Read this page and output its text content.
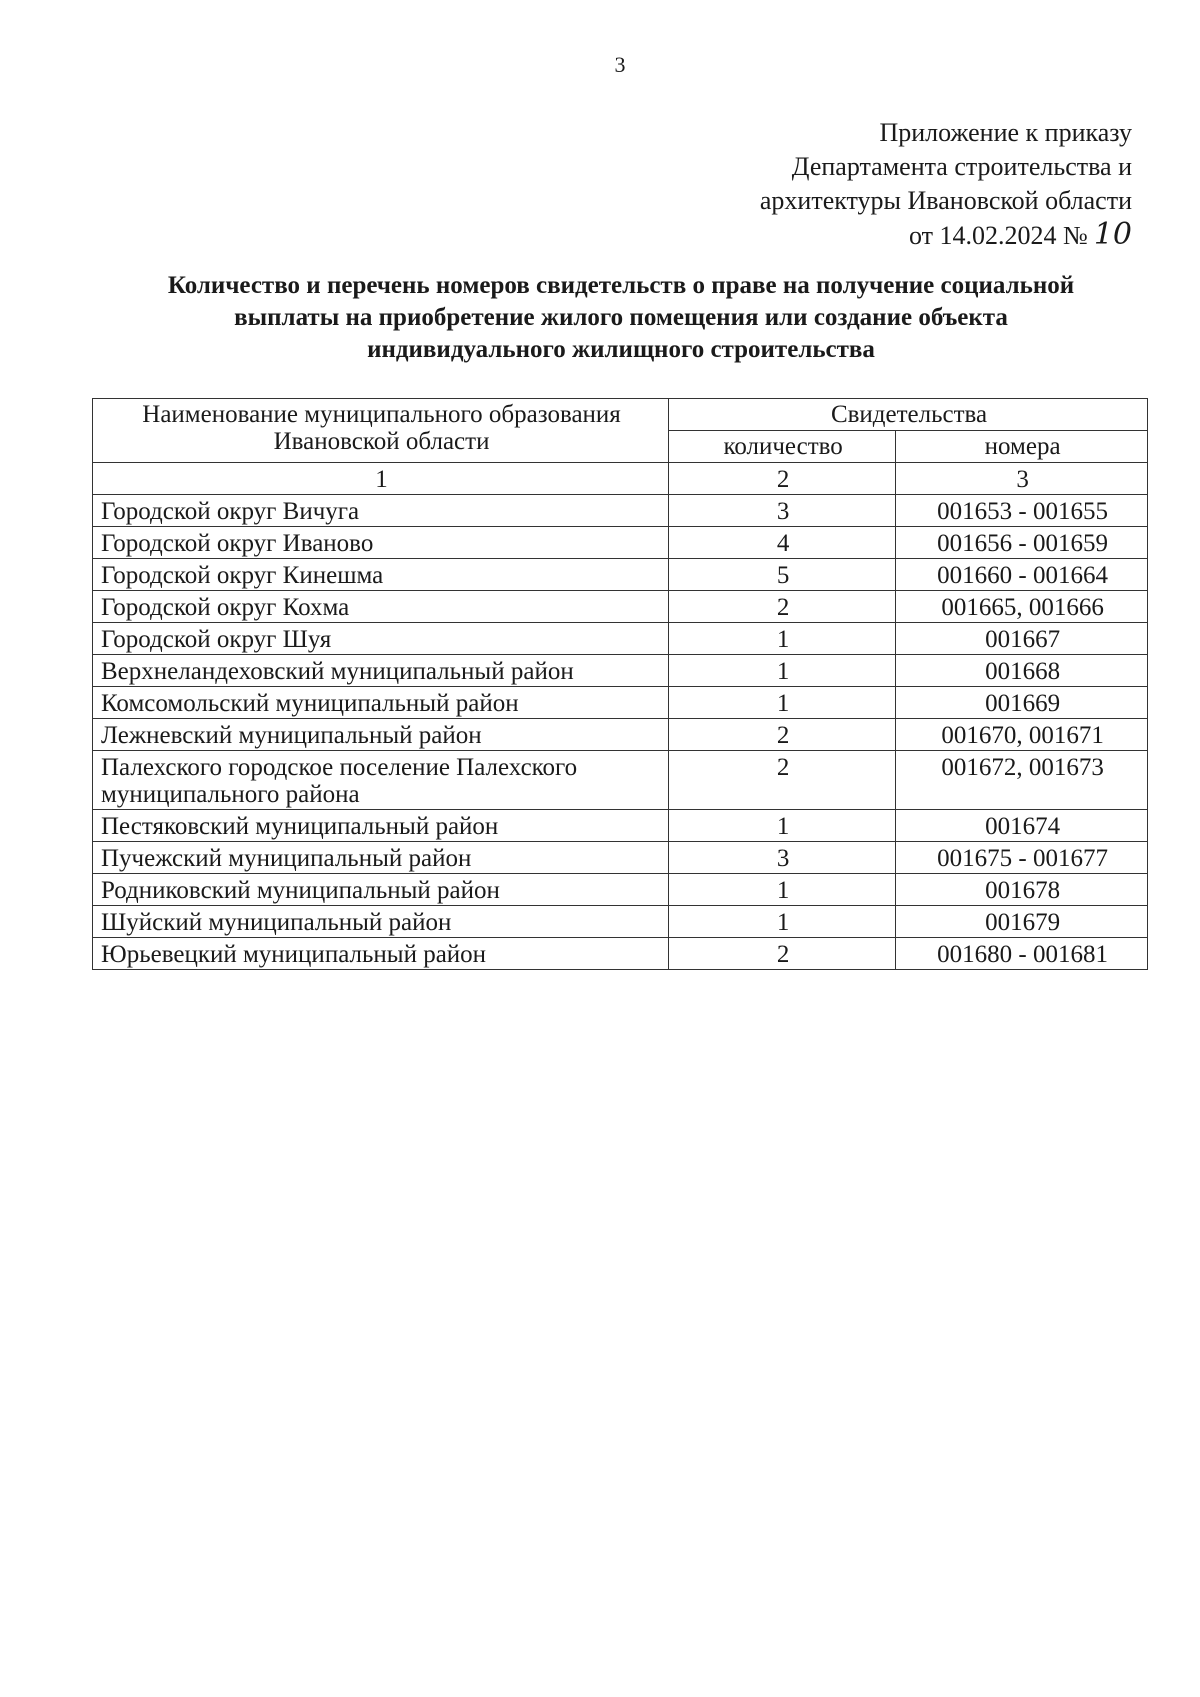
3
Приложение к приказу
Департамента строительства и
архитектуры Ивановской области
от 14.02.2024 № 10
Количество и перечень номеров свидетельств о праве на получение социальной
выплаты на приобретение жилого помещения или создание объекта
индивидуального жилищного строительства
Наименование муниципального образования Ивановской области	Свидетельства	
	количество	номера
1	2	3
Городской округ Вичуга	3	001653 - 001655
Городской округ Иваново	4	001656 - 001659
Городской округ Кинешма	5	001660 - 001664
Городской округ Кохма	2	001665, 001666
Городской округ Шуя	1	001667
Верхнеландеховский муниципальный район	1	001668
Комсомольский муниципальный район	1	001669
Лежневский муниципальный район	2	001670, 001671
Палехского городское поселение Палехского муниципального района	2	001672, 001673
Пестяковский муниципальный район	1	001674
Пучежский муниципальный район	3	001675 - 001677
Родниковский муниципальный район	1	001678
Шуйский муниципальный район	1	001679
Юрьевецкий муниципальный район	2	001680 - 001681
